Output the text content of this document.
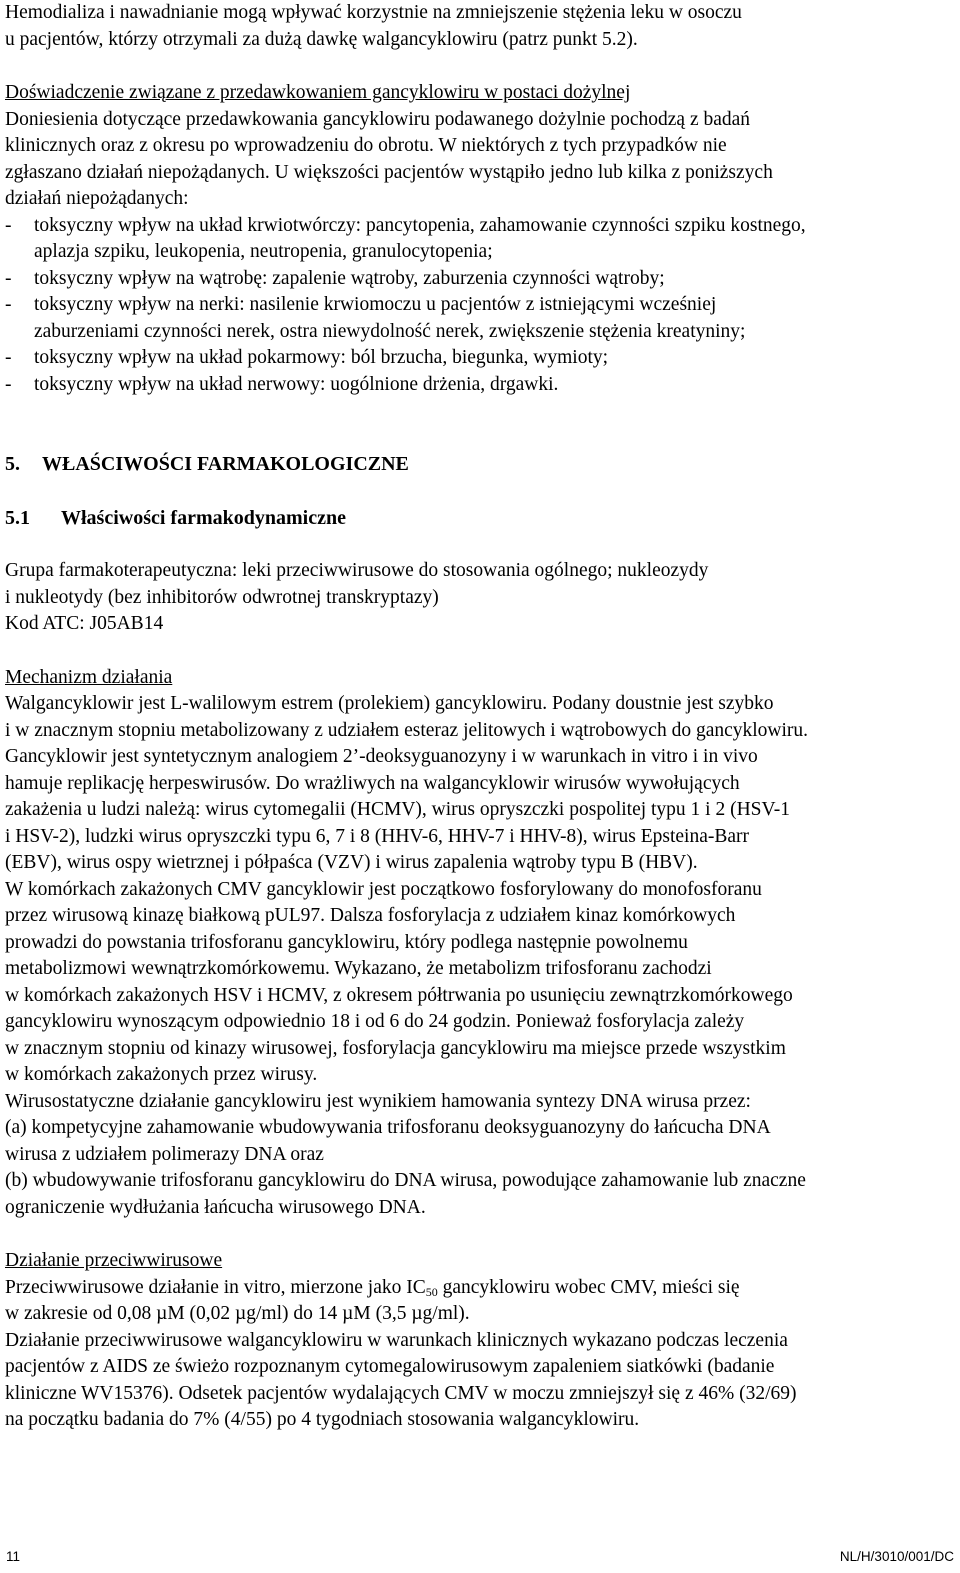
Hemodializa i nawadnianie mogą wpływać korzystnie na zmniejszenie stężenia leku w osoczu

u pacjentów, którzy otrzymali za dużą dawkę walgancyklowiru (patrz punkt 5.2).

Doświadczenie związane z przedawkowaniem gancyklowiru w postaci dożylnej

Doniesienia dotyczące przedawkowania gancyklowiru podawanego dożylnie pochodzą z badań

klinicznych oraz z okresu po wprowadzeniu do obrotu. W niektórych z tych przypadków nie

zgłaszano działań niepożądanych. U większości pacjentów wystąpiło jedno lub kilka z poniższych

działań niepożądanych:

-	toksyczny wpływ na układ krwiotwórczy: pancytopenia, zahamowanie czynności szpiku kostnego,

aplazja szpiku, leukopenia, neutropenia, granulocytopenia;

-	toksyczny wpływ na wątrobę: zapalenie wątroby, zaburzenia czynności wątroby;

-	toksyczny wpływ na nerki: nasilenie krwiomoczu u pacjentów z istniejącymi wcześniej

zaburzeniami czynności nerek, ostra niewydolność nerek, zwiększenie stężenia kreatyniny;

-	toksyczny wpływ na układ pokarmowy: ból brzucha, biegunka, wymioty;

-	toksyczny wpływ na układ nerwowy: uogólnione drżenia, drgawki.

5.	WŁAŚCIWOŚCI FARMAKOLOGICZNE
5.1	Właściwości farmakodynamiczne

Grupa farmakoterapeutyczna: leki przeciwwirusowe do stosowania ogólnego; nukleozydy

i nukleotydy (bez inhibitorów odwrotnej transkryptazy)

Kod ATC: J05AB14

Mechanizm działania

Walgancyklowir jest L-walilowym estrem (prolekiem) gancyklowiru. Podany doustnie jest szybko

i w znacznym stopniu metabolizowany z udziałem esteraz jelitowych i wątrobowych do gancyklowiru.

Gancyklowir jest syntetycznym analogiem 2’-deoksyguanozyny i w warunkach in vitro i in vivo

hamuje replikację herpeswirusów. Do wrażliwych na walgancyklowir wirusów wywołujących

zakażenia u ludzi należą: wirus cytomegalii (HCMV), wirus opryszczki pospolitej typu 1 i 2 (HSV-1

i HSV-2), ludzki wirus opryszczki typu 6, 7 i 8 (HHV-6, HHV-7 i HHV-8), wirus Epsteina-Barr

(EBV), wirus ospy wietrznej i półpaśca (VZV) i wirus zapalenia wątroby typu B (HBV).

W komórkach zakażonych CMV gancyklowir jest początkowo fosforylowany do monofosforanu

przez wirusową kinazę białkową pUL97. Dalsza fosforylacja z udziałem kinaz komórkowych

prowadzi do powstania trifosforanu gancyklowiru, który podlega następnie powolnemu

metabolizmowi wewnątrzkomórkowemu. Wykazano, że metabolizm trifosforanu zachodzi

w komórkach zakażonych HSV i HCMV, z okresem półtrwania po usunięciu zewnątrzkomórkowego

gancyklowiru wynoszącym odpowiednio 18 i od 6 do 24 godzin. Ponieważ fosforylacja zależy

w znacznym stopniu od kinazy wirusowej, fosforylacja gancyklowiru ma miejsce przede wszystkim

w komórkach zakażonych przez wirusy.

Wirusostatyczne działanie gancyklowiru jest wynikiem hamowania syntezy DNA wirusa przez:

(a) kompetycyjne zahamowanie wbudowywania trifosforanu deoksyguanozyny do łańcucha DNA

wirusa z udziałem polimerazy DNA oraz

(b) wbudowywanie trifosforanu gancyklowiru do DNA wirusa, powodujące zahamowanie lub znaczne

ograniczenie wydłużania łańcucha wirusowego DNA.

Działanie przeciwwirusowe

Przeciwwirusowe działanie in vitro, mierzone jako $IC_{50}$ gancyklowiru wobec CMV, mieści się

w zakresie od 0,08 µM (0,02 µg/ml) do 14 µM (3,5 µg/ml).

Działanie przeciwwirusowe walgancyklowiru w warunkach klinicznych wykazano podczas leczenia

pacjentów z AIDS ze świeżo rozpoznanym cytomegalowirusowym zapaleniem siatkówki (badanie

kliniczne WV15376). Odsetek pacjentów wydalających CMV w moczu zmniejszył się z 46% (32/69)

na początku badania do 7% (4/55) po 4 tygodniach stosowania walgancyklowiru.

11	NL/H/3010/001/DC
